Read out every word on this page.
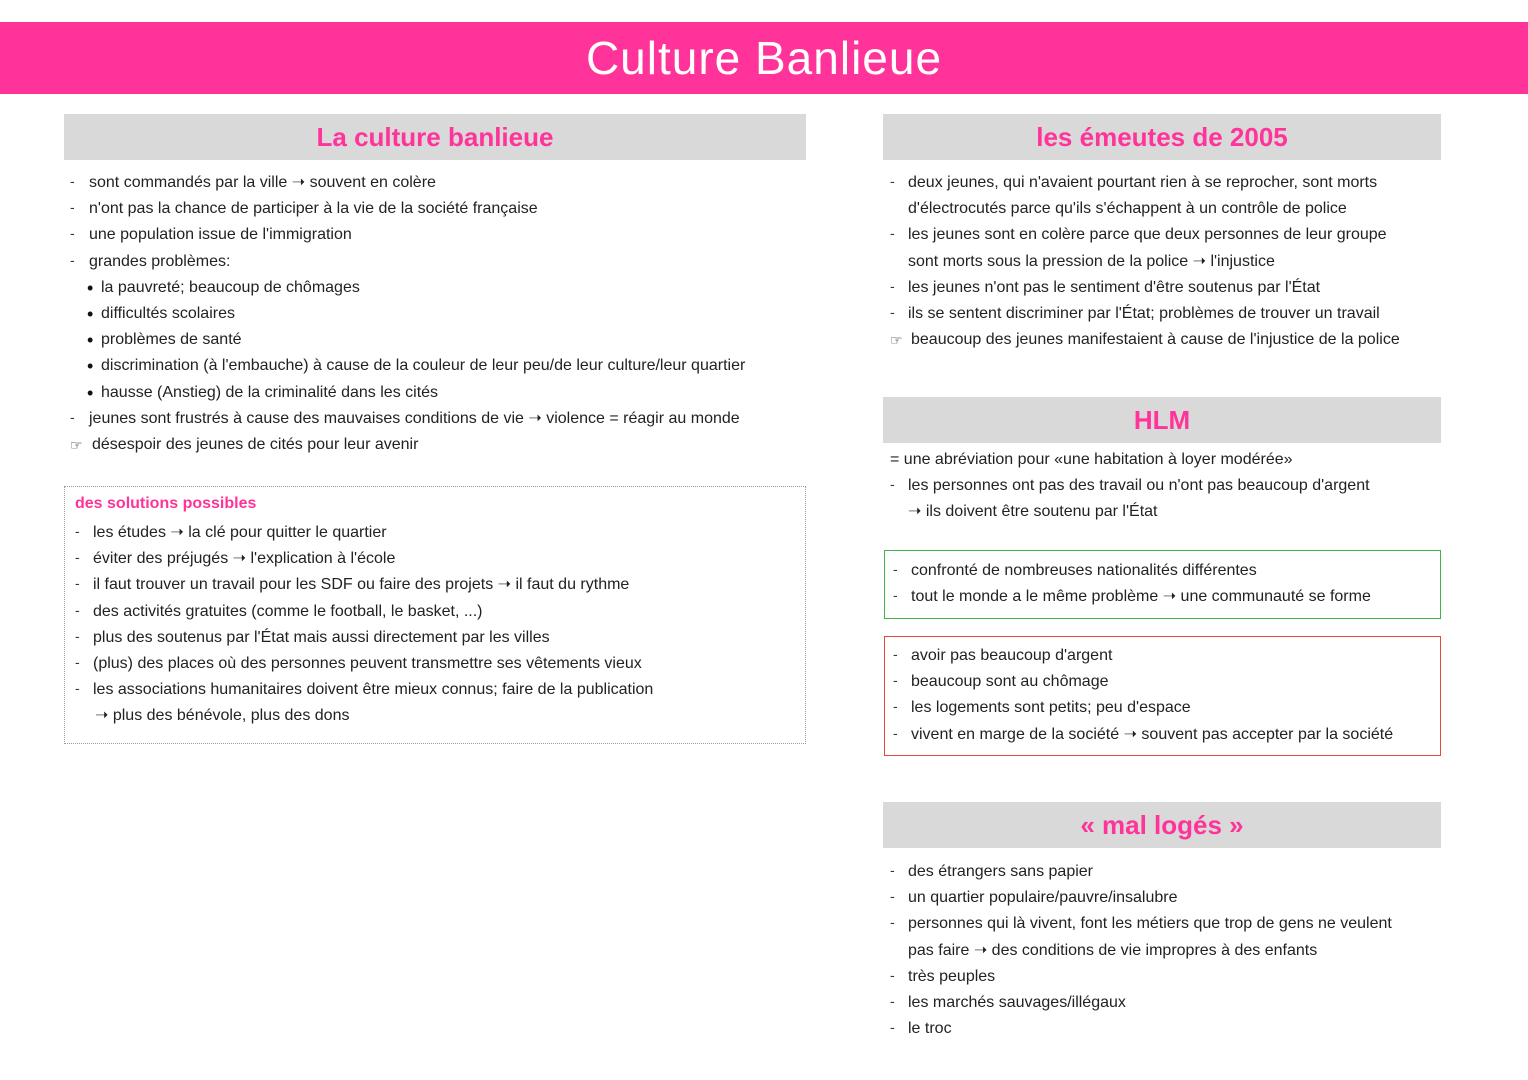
Culture Banlieue
La culture banlieue
- sont commandés par la ville ➝ souvent en colère
- n'ont pas la chance de participer à la vie de la société française
- une population issue de l'immigration
- grandes problèmes:
• la pauvreté; beaucoup de chômages
• difficultés scolaires
• problèmes de santé
• discrimination (à l'embauche) à cause de la couleur de leur peu/de leur culture/leur quartier
• hausse (Anstieg) de la criminalité dans les cités
- jeunes sont frustrés à cause des mauvaises conditions de vie ➝ violence = réagir au monde
☞ désespoir des jeunes de cités pour leur avenir
des solutions possibles
- les études ➝ la clé pour quitter le quartier
- éviter des préjugés ➝ l'explication à l'école
- il faut trouver un travail pour les SDF ou faire des projets ➝ il faut du rythme
- des activités gratuites (comme le football, le basket, ...)
- plus des soutenus par l'État mais aussi directement par les villes
- (plus) des places où des personnes peuvent transmettre ses vêtements vieux
- les associations humanitaires doivent être mieux connus; faire de la publication
➝ plus des bénévole, plus des dons
les émeutes de 2005
- deux jeunes, qui n'avaient pourtant rien à se reprocher, sont morts
d'électrocutés parce qu'ils s'échappent à un contrôle de police
- les jeunes sont en colère parce que deux personnes de leur groupe
sont morts sous la pression de la police ➝ l'injustice
- les jeunes n'ont pas le sentiment d'être soutenus par l'État
- ils se sentent discriminer par l'État; problèmes de trouver un travail
☞ beaucoup des jeunes manifestaient à cause de l'injustice de la police
HLM
= une abréviation pour «une habitation à loyer modérée»
- les personnes ont pas des travail ou n'ont pas beaucoup d'argent
➝ ils doivent être soutenu par l'État
- confronté de nombreuses nationalités différentes
- tout le monde a le même problème ➝ une communauté se forme
- avoir pas beaucoup d'argent
- beaucoup sont au chômage
- les logements sont petits; peu d'espace
- vivent en marge de la société ➝ souvent pas accepter par la société
« mal logés »
- des étrangers sans papier
- un quartier populaire/pauvre/insalubre
- personnes qui là vivent, font les métiers que trop de gens ne veulent
pas faire ➝ des conditions de vie impropres à des enfants
- très peuples
- les marchés sauvages/illégaux
- le troc
